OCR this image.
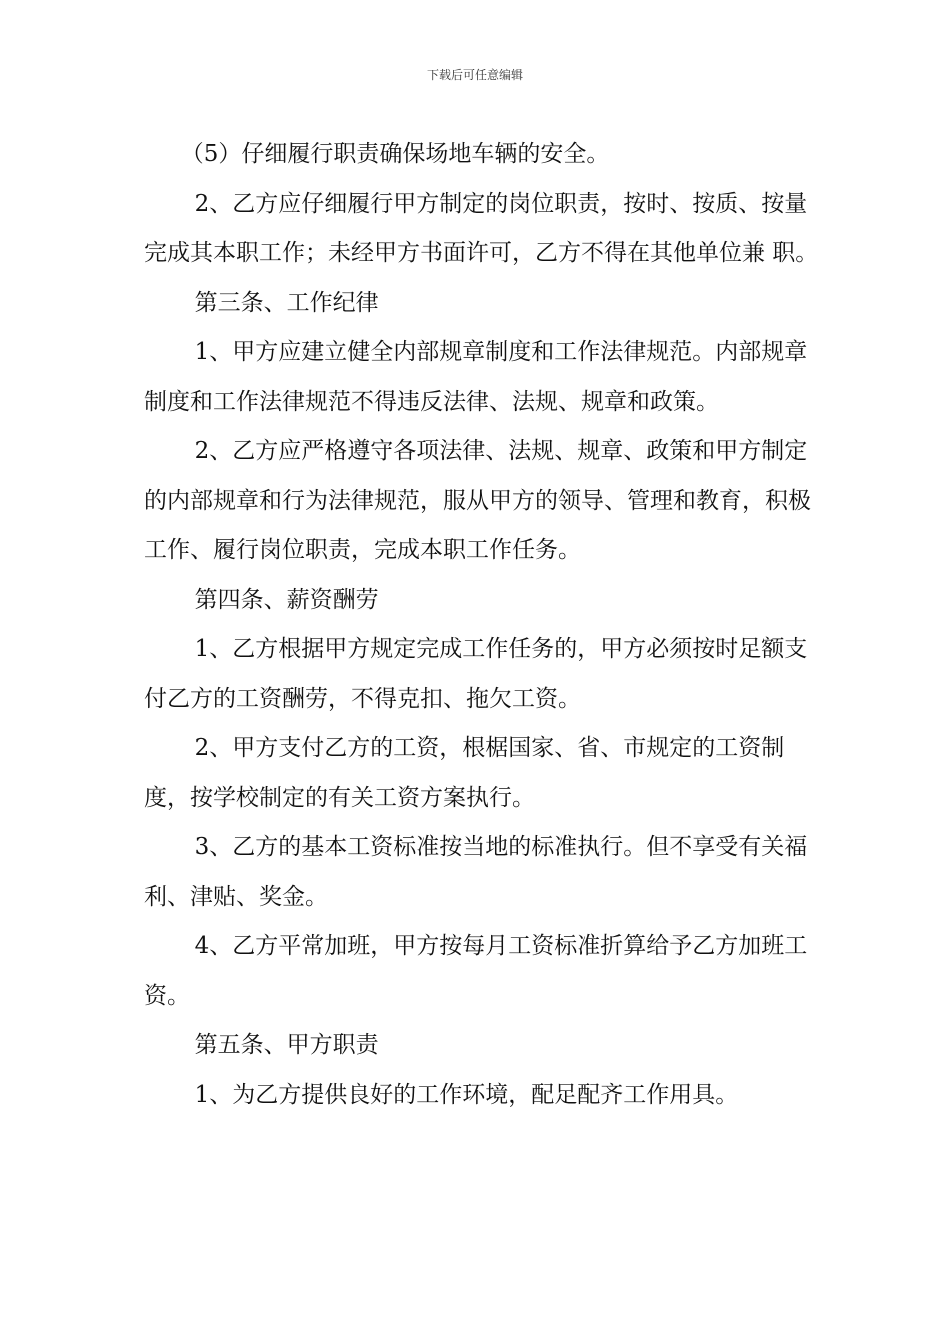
下载后可任意编辑

（5）仔细履行职责确保场地车辆的安全。

2、乙方应仔细履行甲方制定的岗位职责，按时、按质、按量完成其本职工作；未经甲方书面许可，乙方不得在其他单位兼 职。

第三条、工作纪律

1、甲方应建立健全内部规章制度和工作法律规范。内部规章制度和工作法律规范不得违反法律、法规、规章和政策。

2、乙方应严格遵守各项法律、法规、规章、政策和甲方制定的内部规章和行为法律规范，服从甲方的领导、管理和教育，积极工作、履行岗位职责，完成本职工作任务。

第四条、薪资酬劳

1、乙方根据甲方规定完成工作任务的，甲方必须按时足额支付乙方的工资酬劳，不得克扣、拖欠工资。

2、甲方支付乙方的工资，根椐国家、省、市规定的工资制度，按学校制定的有关工资方案执行。

3、乙方的基本工资标准按当地的标准执行。但不享受有关福利、津贴、奖金。

4、乙方平常加班，甲方按每月工资标准折算给予乙方加班工资。

第五条、甲方职责

1、为乙方提供良好的工作环境，配足配齐工作用具。
